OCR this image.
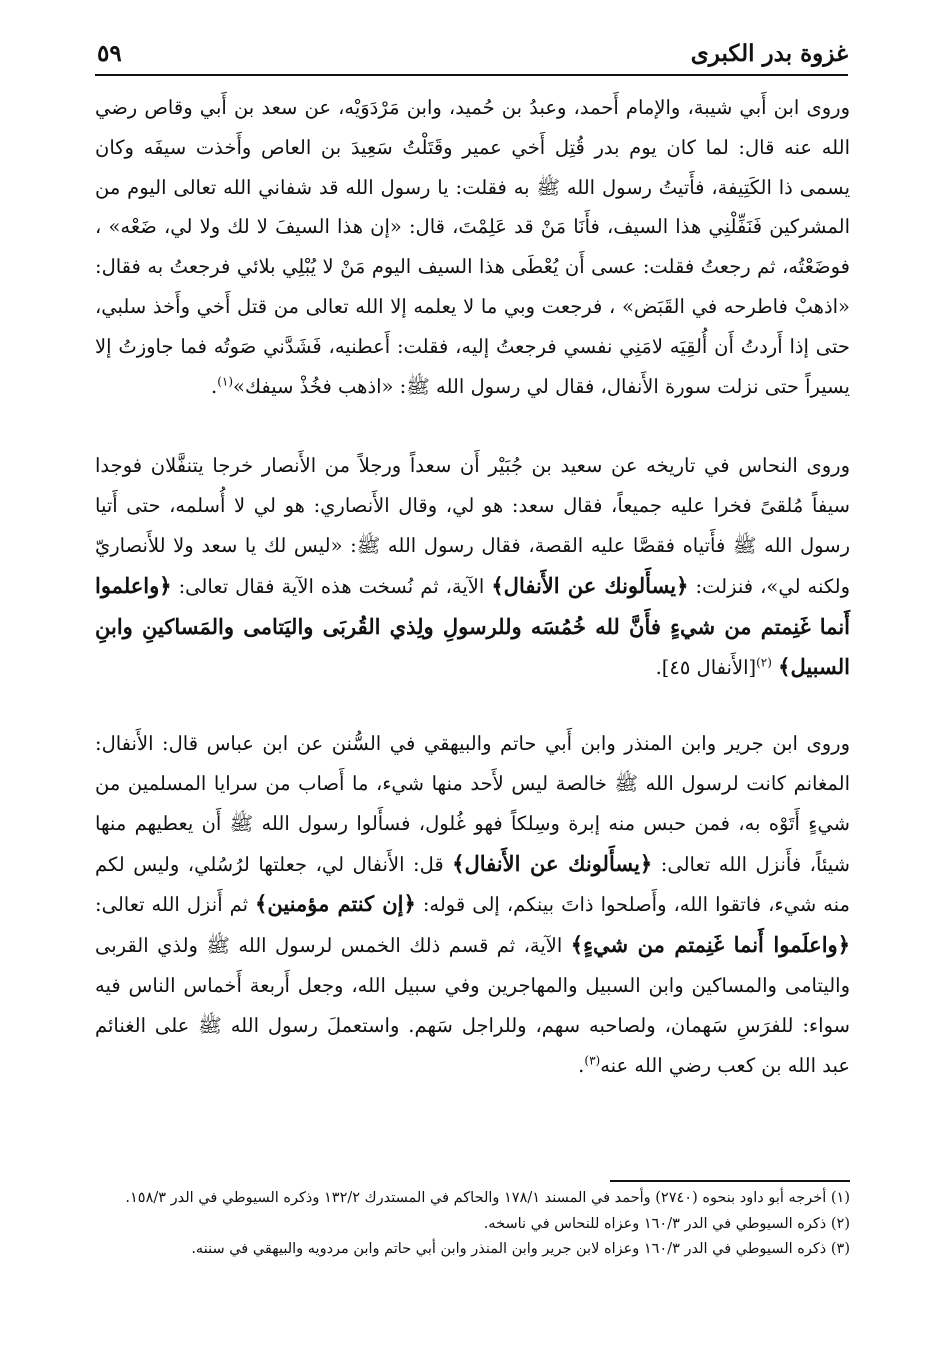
غزوة بدر الكبرى
٥٩

وروى ابن أَبي شيبة، والإمام أَحمد، وعبدُ بن حُميد، وابن مَرْدَوَيْه، عن سعد بن أَبي وقاص رضي الله عنه قال: لما كان يوم بدر قُتِل أَخي عمير وقَتَلْتُ سَعِيدَ بن العاص وأَخذت سيفَه وكان يسمى ذا الكَتِيفة، فأَتيتُ رسول الله ﷺ به فقلت: يا رسول الله قد شفاني الله تعالى اليوم من المشركين فَنَفِّلْنِي هذا السيف، فأَنَا مَنْ قد عَلِمْتَ، قال: «إن هذا السيفَ لا لك ولا لي، ضَعْه» ، فوضَعْتُه، ثم رجعتُ فقلت: عسى أَن يُعْطَى هذا السيف اليوم مَنْ لا يُبْلِي بلائي فرجعتُ به فقال: «اذهبْ فاطرحه في القَبَض» ، فرجعت وبي ما لا يعلمه إلا الله تعالى من قتل أَخي وأَخذ سلبي، حتى إذا أَردتُ أَن أُلقِيَه لامَنِي نفسي فرجعتُ إليه، فقلت: أَعطنيه، فَشَدَّني صَوتُه فما جاوزتُ إلا يسيراً حتى نزلت سورة الأَنفال، فقال لي رسول الله ﷺ: «اذهب فخُذْ سيفك»$^{(١)}$.

وروى النحاس في تاريخه عن سعيد بن جُبَيْر أَن سعداً ورجلاً من الأَنصار خرجا يتنفَّلان فوجدا سيفاً مُلقىً فخرا عليه جميعاً، فقال سعد: هو لي، وقال الأَنصاري: هو لي لا أُسلمه، حتى أَتيا رسول الله ﷺ فأَتياه فقصَّا عليه القصة، فقال رسول الله ﷺ: «ليس لك يا سعد ولا للأَنصاريّ ولكنه لي»، فنزلت: ﴿يسأَلونك عن الأَنفال﴾ الآية، ثم نُسخت هذه الآية فقال تعالى: ﴿واعلموا أَنما غَنِمتم من شيءٍ فأَنَّ لله خُمُسَه وللرسولِ ولِذي القُربَى واليَتامى والمَساكينِ وابنِ السبيل﴾ $^{(٢)}$[الأَنفال ٤٥].

وروى ابن جرير وابن المنذر وابن أَبي حاتم والبيهقي في السُّنن عن ابن عباس قال: الأَنفال: المغانم كانت لرسول الله ﷺ خالصة ليس لأَحد منها شيء، ما أَصاب من سرايا المسلمين من شيءٍ أَتَوْه به، فمن حبس منه إبرة وسِلكاً فهو غُلول، فسأَلوا رسول الله ﷺ أَن يعطيهم منها شيئاً، فأَنزل الله تعالى: ﴿يسأَلونك عن الأَنفال﴾ قل: الأَنفال لي، جعلتها لرُسُلي، وليس لكم منه شيء، فاتقوا الله، وأَصلحوا ذاتَ بينكم، إلى قوله: ﴿إن كنتم مؤمنين﴾ ثم أَنزل الله تعالى: ﴿واعلَموا أَنما غَنِمتم من شيءٍ﴾ الآية، ثم قسم ذلك الخمس لرسول الله ﷺ ولذي القربى واليتامى والمساكين وابن السبيل والمهاجرين وفي سبيل الله، وجعل أَربعة أَخماس الناس فيه سواء: للفرَسِ سَهمان، ولصاحبه سهم، وللراجل سَهم. واستعملَ رسول الله ﷺ على الغنائم عبد الله بن كعب رضي الله عنه$^{(٣)}$.

(١) أخرجه أبو داود بنحوه (٢٧٤٠) وأحمد في المسند ١٧٨/١ والحاكم في المستدرك ١٣٢/٢ وذكره السيوطي في الدر ١٥٨/٣.

(٢) ذكره السيوطي في الدر ١٦٠/٣ وعزاه للنحاس في ناسخه.

(٣) ذكره السيوطي في الدر ١٦٠/٣ وعزاه لابن جرير وابن المنذر وابن أبي حاتم وابن مردويه والبيهقي في سننه.
